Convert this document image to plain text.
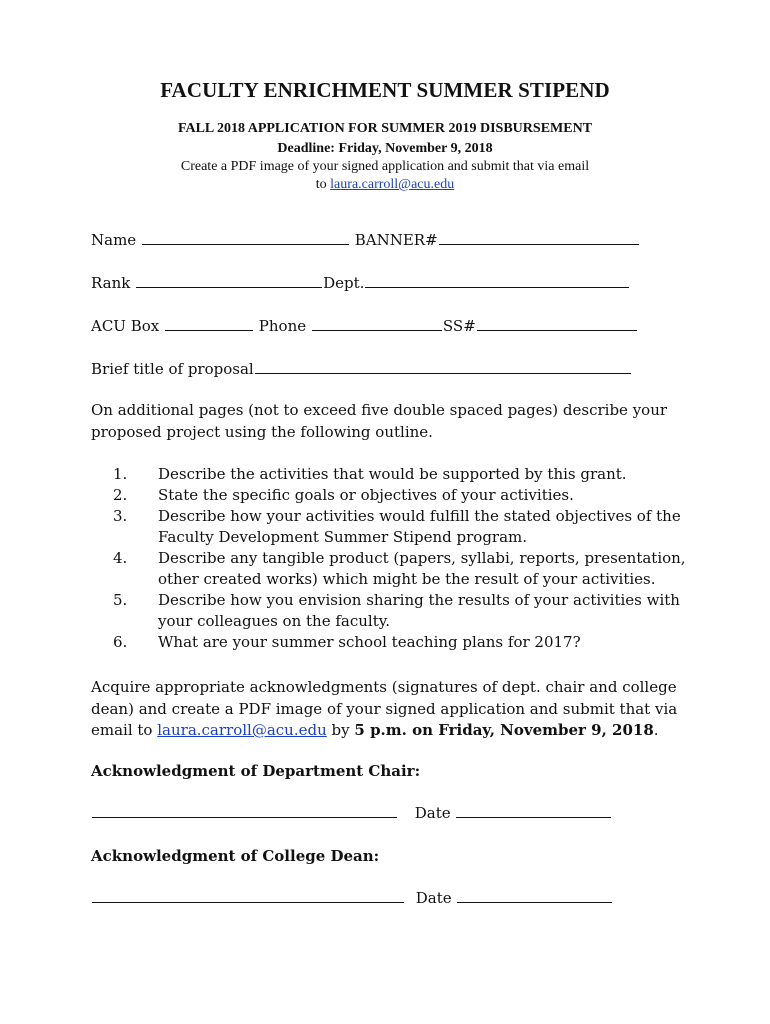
FACULTY ENRICHMENT SUMMER STIPEND
FALL 2018 APPLICATION FOR SUMMER 2019 DISBURSEMENT
Deadline: Friday, November 9, 2018
Create a PDF image of your signed application and submit that via email
to laura.carroll@acu.edu
Name	BANNER#
Rank	Dept.
ACU Box	Phone	SS#
Brief title of proposal
On additional pages (not to exceed five double spaced pages) describe your proposed project using the following outline.
1. Describe the activities that would be supported by this grant.
2. State the specific goals or objectives of your activities.
3. Describe how your activities would fulfill the stated objectives of the Faculty Development Summer Stipend program.
4. Describe any tangible product (papers, syllabi, reports, presentation, other created works) which might be the result of your activities.
5. Describe how you envision sharing the results of your activities with your colleagues on the faculty.
6. What are your summer school teaching plans for 2017?
Acquire appropriate acknowledgments (signatures of dept. chair and college dean) and create a PDF image of your signed application and submit that via email to laura.carroll@acu.edu by 5 p.m. on Friday, November 9, 2018.
Acknowledgment of Department Chair:
Date
Acknowledgment of College Dean:
Date
